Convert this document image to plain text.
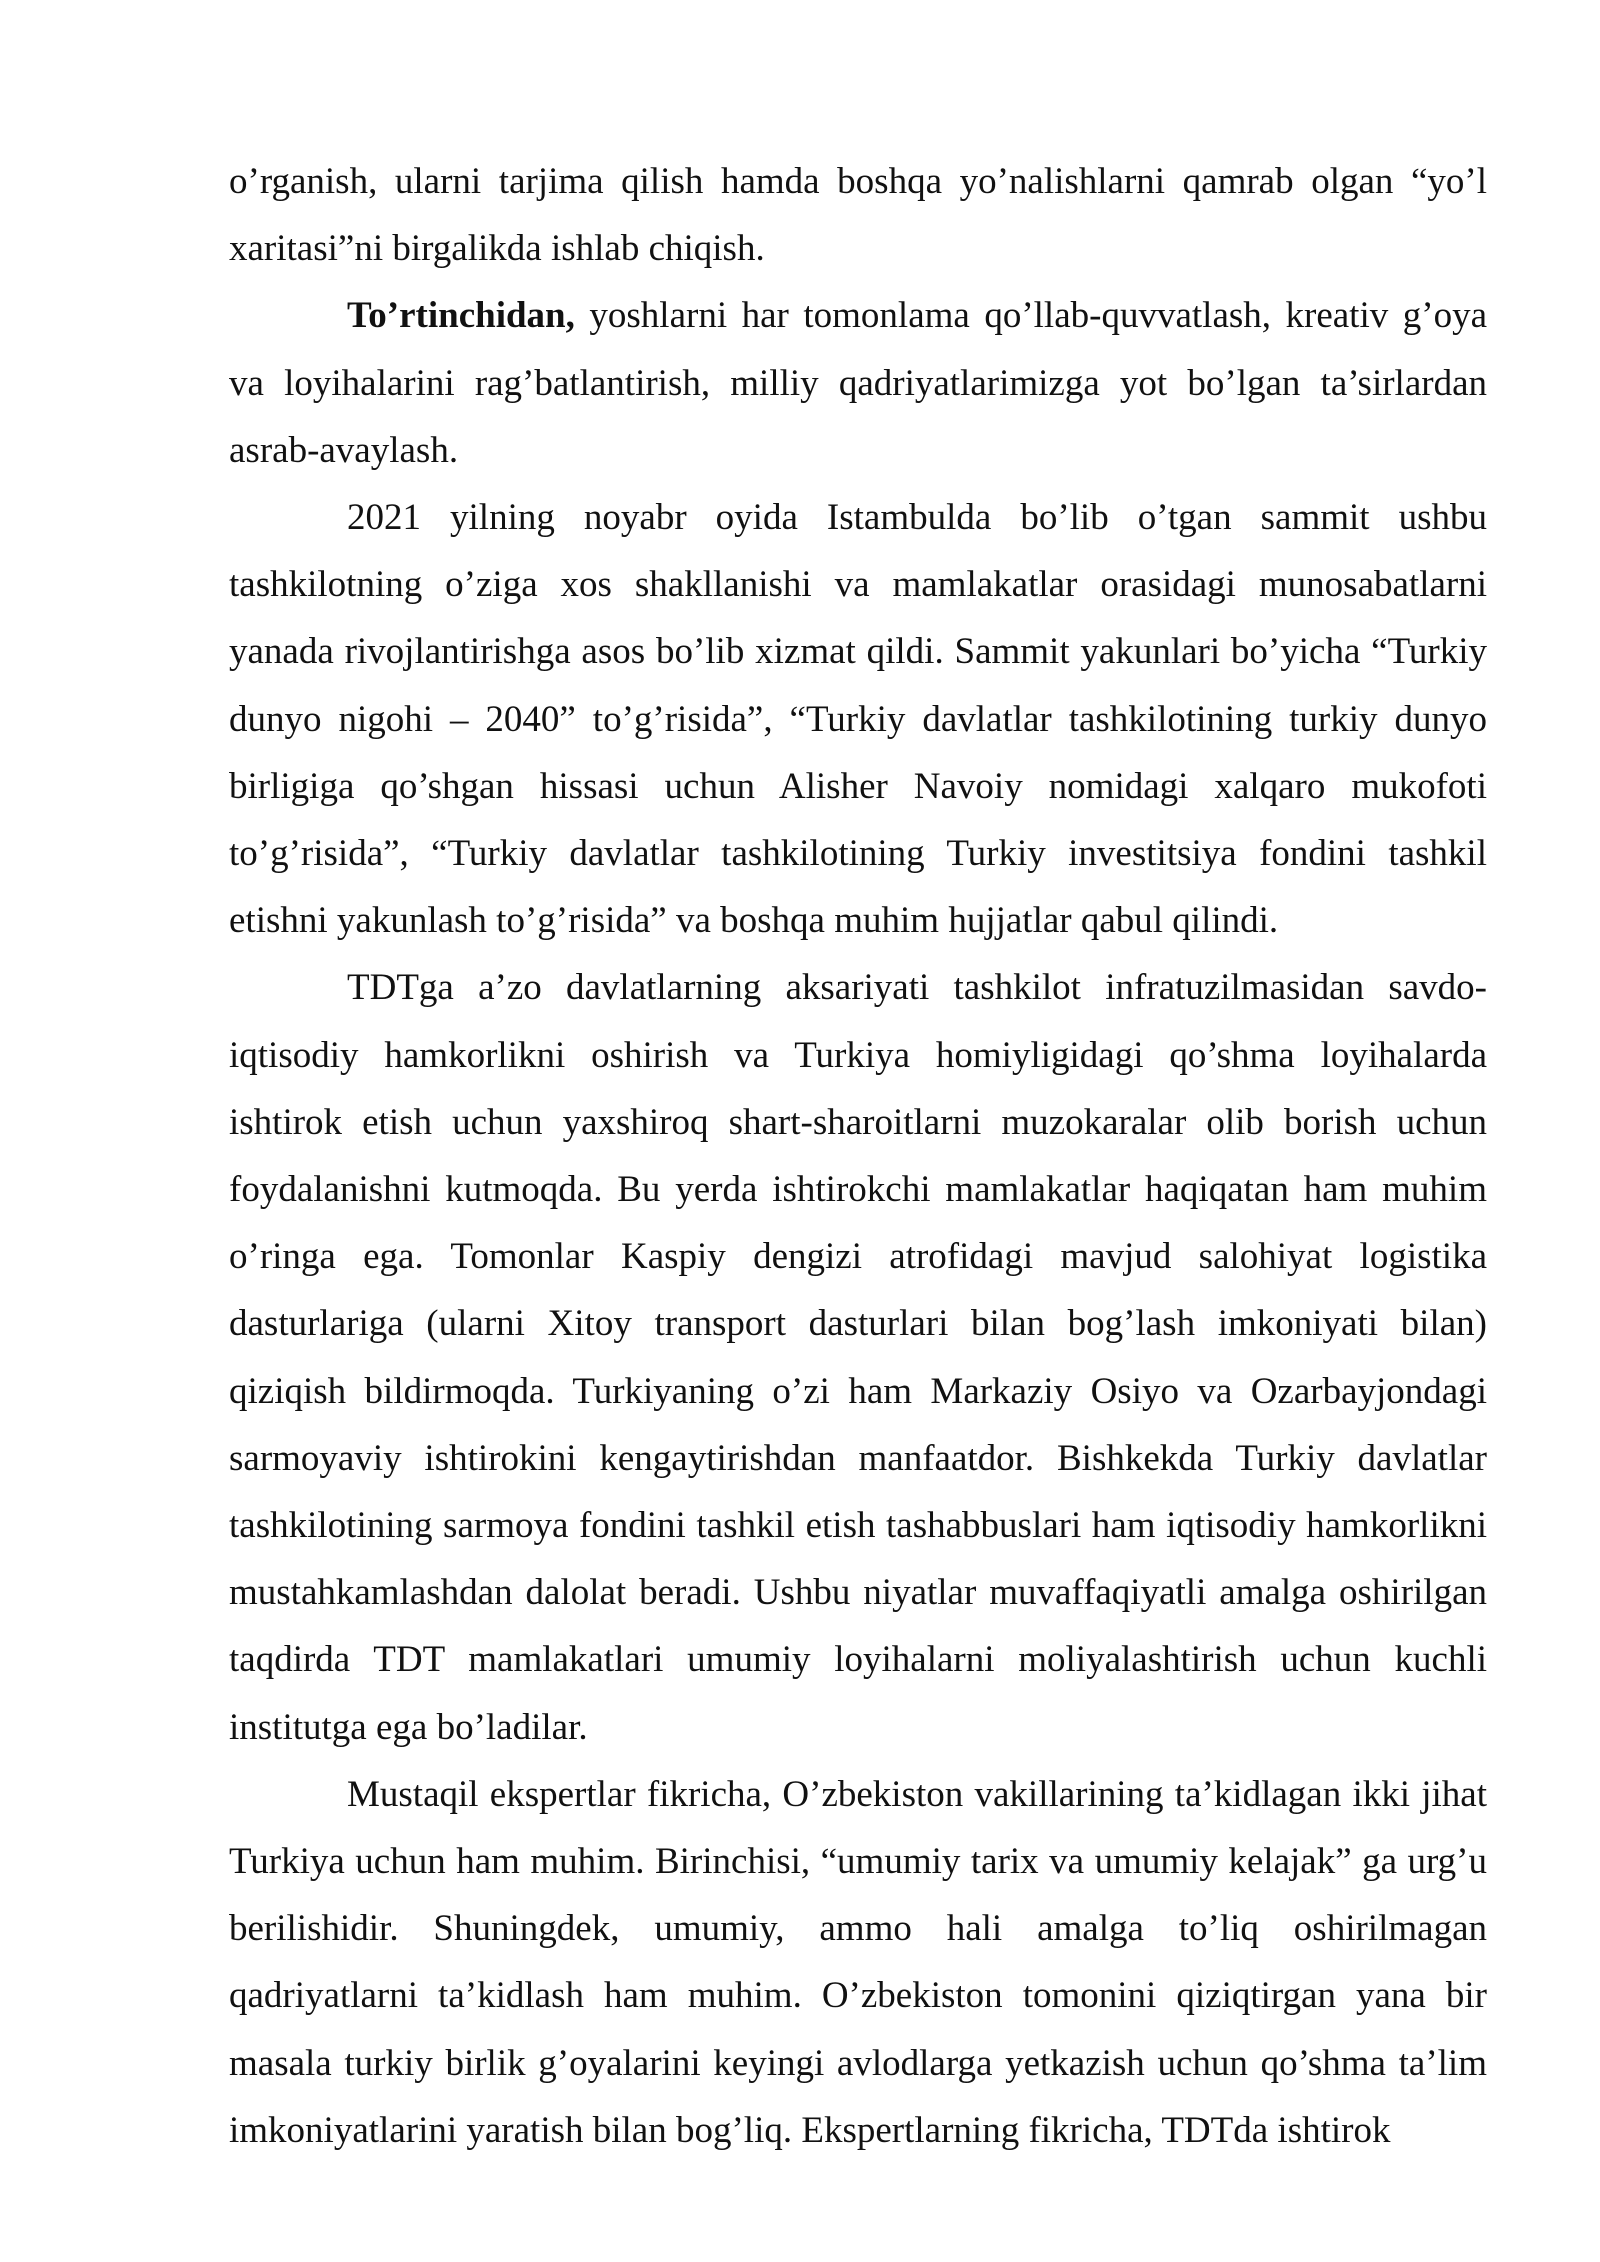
o’rganish, ularni tarjima qilish hamda boshqa yo’nalishlarni qamrab olgan “yo’l xaritasi”ni birgalikda ishlab chiqish.

To’rtinchidan, yoshlarni har tomonlama qo’llab-quvvatlash, kreativ g’oya va loyihalarini rag’batlantirish, milliy qadriyatlarimizga yot bo’lgan ta’sirlardan asrab-avaylash.

2021 yilning noyabr oyida Istambulda bo’lib o’tgan sammit ushbu tashkilotning o’ziga xos shakllanishi va mamlakatlar orasidagi munosabatlarni yanada rivojlantirishga asos bo’lib xizmat qildi. Sammit yakunlari bo’yicha “Turkiy dunyo nigohi – 2040” to’g’risida”, “Turkiy davlatlar tashkilotining turkiy dunyo birligiga qo’shgan hissasi uchun Alisher Navoiy nomidagi xalqaro mukofoti to’g’risida”, “Turkiy davlatlar tashkilotining Turkiy investitsiya fondini tashkil etishni yakunlash to’g’risida” va boshqa muhim hujjatlar qabul qilindi.

TDTga a’zo davlatlarning aksariyati tashkilot infratuzilmasidan savdo-iqtisodiy hamkorlikni oshirish va Turkiya homiyligidagi qo’shma loyihalarda ishtirok etish uchun yaxshiroq shart-sharoitlarni muzokaralar olib borish uchun foydalanishni kutmoqda. Bu yerda ishtirokchi mamlakatlar haqiqatan ham muhim o’ringa ega. Tomonlar Kaspiy dengizi atrofidagi mavjud salohiyat logistika dasturlariga (ularni Xitoy transport dasturlari bilan bog’lash imkoniyati bilan) qiziqish bildirmoqda. Turkiyaning o’zi ham Markaziy Osiyo va Ozarbayjondagi sarmoyaviy ishtirokini kengaytirishdan manfaatdor. Bishkekda Turkiy davlatlar tashkilotining sarmoya fondini tashkil etish tashabbuslari ham iqtisodiy hamkorlikni mustahkamlashdan dalolat beradi. Ushbu niyatlar muvaffaqiyatli amalga oshirilgan taqdirda TDT mamlakatlari umumiy loyihalarni moliyalashtirish uchun kuchli institutga ega bo’ladilar.

Mustaqil ekspertlar fikricha, O’zbekiston vakillarining ta’kidlagan ikki jihat Turkiya uchun ham muhim. Birinchisi, “umumiy tarix va umumiy kelajak” ga urg’u berilishidir. Shuningdek, umumiy, ammo hali amalga to’liq oshirilmagan qadriyatlarni ta’kidlash ham muhim. O’zbekiston tomonini qiziqtirgan yana bir masala turkiy birlik g’oyalarini keyingi avlodlarga yetkazish uchun qo’shma ta’lim imkoniyatlarini yaratish bilan bog’liq. Ekspertlarning fikricha, TDTda ishtirok
